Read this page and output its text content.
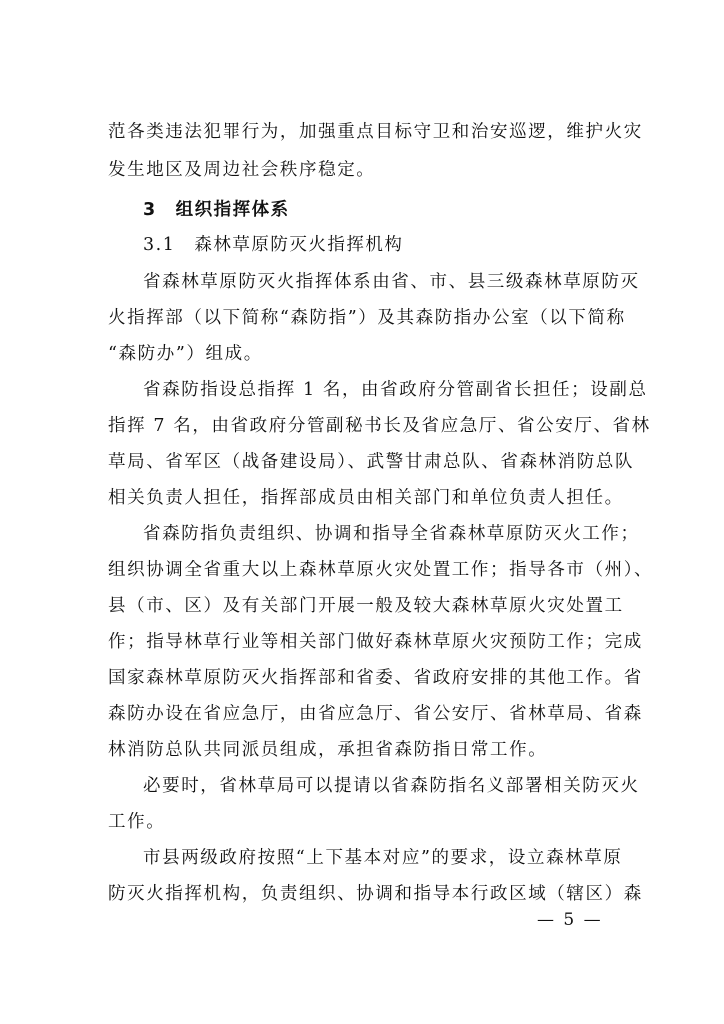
范各类违法犯罪行为，加强重点目标守卫和治安巡逻，维护火灾
发生地区及周边社会秩序稳定。
3　组织指挥体系
3.1　森林草原防灭火指挥机构
省森林草原防灭火指挥体系由省、市、县三级森林草原防灭
火指挥部（以下简称“森防指”）及其森防指办公室（以下简称
“森防办”）组成。
省森防指设总指挥 1 名，由省政府分管副省长担任；设副总
指挥 7 名，由省政府分管副秘书长及省应急厅、省公安厅、省林
草局、省军区（战备建设局）、武警甘肃总队、省森林消防总队
相关负责人担任，指挥部成员由相关部门和单位负责人担任。
省森防指负责组织、协调和指导全省森林草原防灭火工作；
组织协调全省重大以上森林草原火灾处置工作；指导各市（州）、
县（市、区）及有关部门开展一般及较大森林草原火灾处置工
作；指导林草行业等相关部门做好森林草原火灾预防工作；完成
国家森林草原防灭火指挥部和省委、省政府安排的其他工作。省
森防办设在省应急厅，由省应急厅、省公安厅、省林草局、省森
林消防总队共同派员组成，承担省森防指日常工作。
必要时，省林草局可以提请以省森防指名义部署相关防灭火
工作。
市县两级政府按照“上下基本对应”的要求，设立森林草原
防灭火指挥机构，负责组织、协调和指导本行政区域（辖区）森
— 5 —
